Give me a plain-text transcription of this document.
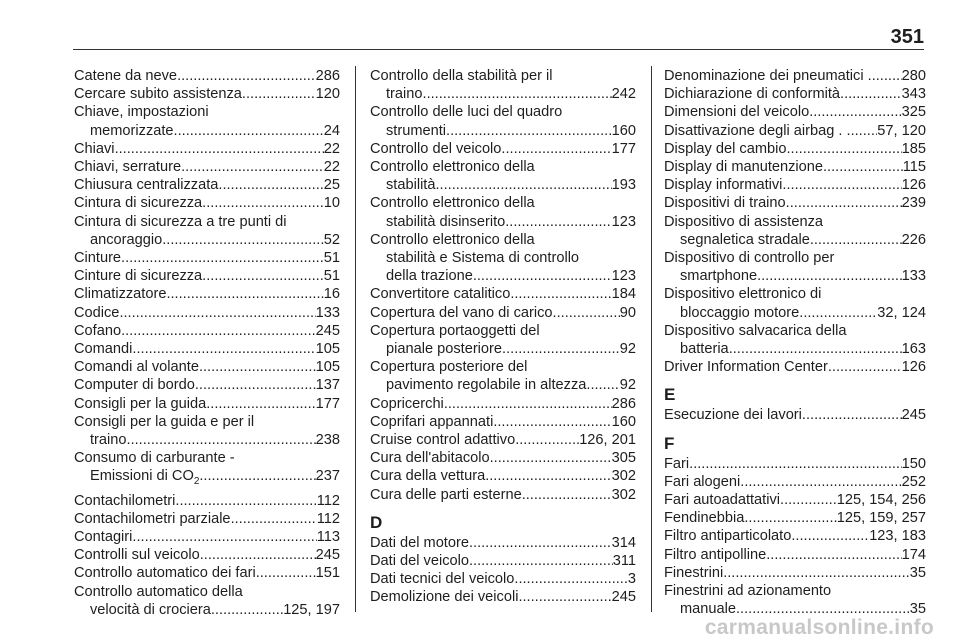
351
Catene da neve .....	286
Cercare subito assistenza .....	120
Chiave, impostazioni
memorizzate .....	24
Chiavi .....	22
Chiavi, serrature .....	22
Chiusura centralizzata .....	25
Cintura di sicurezza .....	10
Cintura di sicurezza a tre punti di
ancoraggio .....	52
Cinture .....	51
Cinture di sicurezza .....	51
Climatizzatore .....	16
Codice .....	133
Cofano .....	245
Comandi .....	105
Comandi al volante .....	105
Computer di bordo .....	137
Consigli per la guida .....	177
Consigli per la guida e per il
traino .....	238
Consumo di carburante -
Emissioni di $CO_2$ .....	237
Contachilometri .....	112
Contachilometri parziale .....	112
Contagiri .....	113
Controlli sul veicolo .....	245
Controllo automatico dei fari .....	151
Controllo automatico della
velocità di crociera .....	125, 197
Controllo della stabilità per il
traino .....	242
Controllo delle luci del quadro
strumenti .....	160
Controllo del veicolo .....	177
Controllo elettronico della
stabilità .....	193
Controllo elettronico della
stabilità disinserito .....	123
Controllo elettronico della
stabilità e Sistema di controllo
della trazione .....	123
Convertitore catalitico .....	184
Copertura del vano di carico .....	90
Copertura portaoggetti del
pianale posteriore .....	92
Copertura posteriore del
pavimento regolabile in altezza. ..... 92
Copricerchi .....	286
Coprifari appannati .....	160
Cruise control adattivo .....	126, 201
Cura dell'abitacolo .....	305
Cura della vettura .....	302
Cura delle parti esterne .....	302
D
Dati del motore .....	314
Dati del veicolo .....	311
Dati tecnici del veicolo .....	3
Demolizione dei veicoli .....	245
Denominazione dei pneumatici . ..... 280
Dichiarazione di conformità .....	343
Dimensioni del veicolo .....	325
Disattivazione degli airbag . . ..... 57, 120
Display del cambio .....	185
Display di manutenzione .....	115
Display informativi .....	126
Dispositivi di traino .....	239
Dispositivo di assistenza
segnaletica stradale .....	226
Dispositivo di controllo per
smartphone .....	133
Dispositivo elettronico di
bloccaggio motore .....	32, 124
Dispositivo salvacarica della
batteria .....	163
Driver Information Center .....	126
E
Esecuzione dei lavori .....	245
F
Fari .....	150
Fari alogeni .....	252
Fari autoadattativi .....	125, 154, 256
Fendinebbia .....	125, 159, 257
Filtro antiparticolato .....	123, 183
Filtro antipolline .....	174
Finestrini .....	35
Finestrini ad azionamento
manuale .....	35
carmanualsonline.info
